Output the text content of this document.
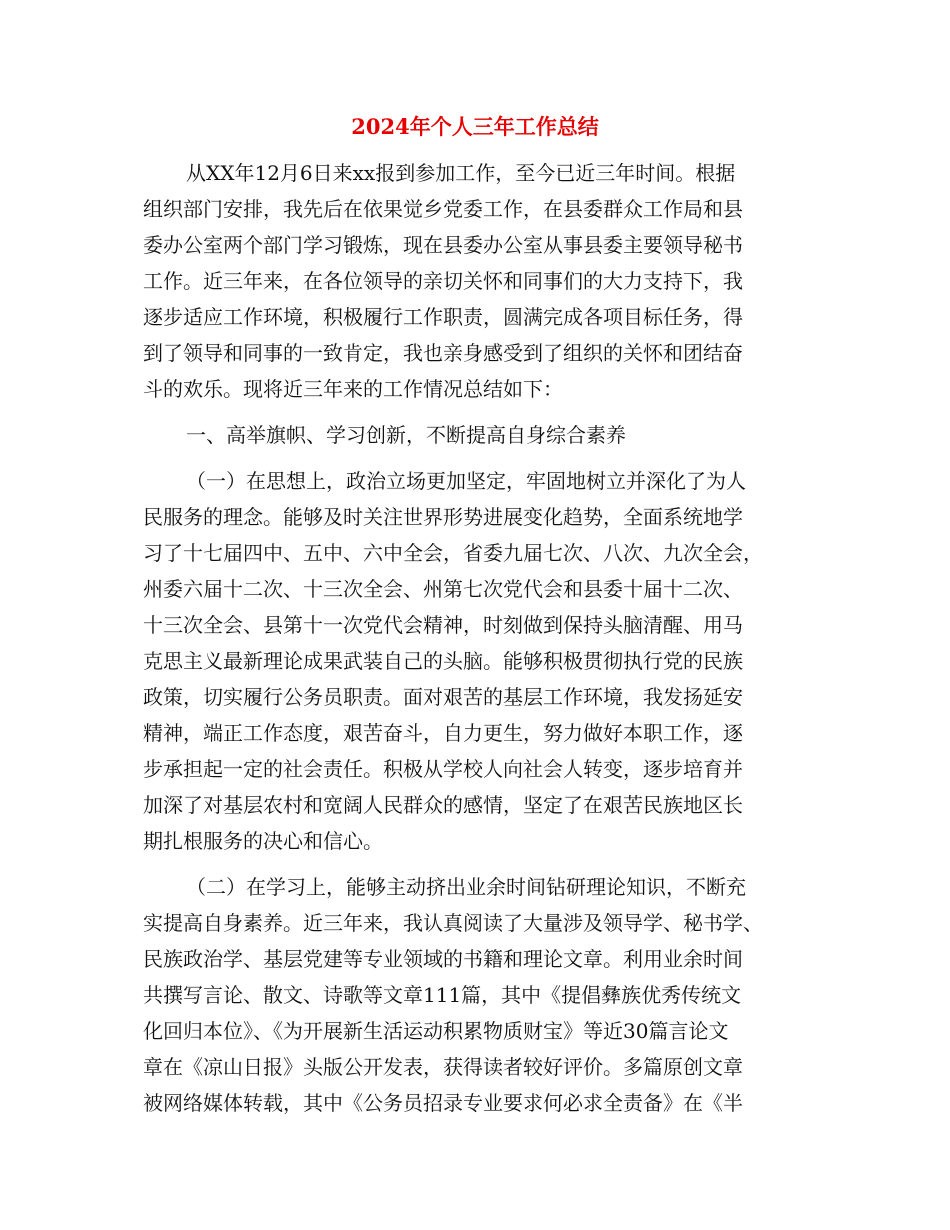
2024年个人三年工作总结

从XX年12月6日来xx报到参加工作，至今已近三年时间。根据

组织部门安排，我先后在依果觉乡党委工作，在县委群众工作局和县

委办公室两个部门学习锻炼，现在县委办公室从事县委主要领导秘书

工作。近三年来，在各位领导的亲切关怀和同事们的大力支持下，我

逐步适应工作环境，积极履行工作职责，圆满完成各项目标任务，得

到了领导和同事的一致肯定，我也亲身感受到了组织的关怀和团结奋

斗的欢乐。现将近三年来的工作情况总结如下：

一、高举旗帜、学习创新，不断提高自身综合素养

（一）在思想上，政治立场更加坚定，牢固地树立并深化了为人

民服务的理念。能够及时关注世界形势进展变化趋势，全面系统地学

习了十七届四中、五中、六中全会，省委九届七次、八次、九次全会，

州委六届十二次、十三次全会、州第七次党代会和县委十届十二次、

十三次全会、县第十一次党代会精神，时刻做到保持头脑清醒、用马

克思主义最新理论成果武装自己的头脑。能够积极贯彻执行党的民族

政策，切实履行公务员职责。面对艰苦的基层工作环境，我发扬延安

精神，端正工作态度，艰苦奋斗，自力更生，努力做好本职工作，逐

步承担起一定的社会责任。积极从学校人向社会人转变，逐步培育并

加深了对基层农村和宽阔人民群众的感情，坚定了在艰苦民族地区长

期扎根服务的决心和信心。

（二）在学习上，能够主动挤出业余时间钻研理论知识，不断充

实提高自身素养。近三年来，我认真阅读了大量涉及领导学、秘书学、

民族政治学、基层党建等专业领域的书籍和理论文章。利用业余时间

共撰写言论、散文、诗歌等文章111篇，其中《提倡彝族优秀传统文

化回归本位》、《为开展新生活运动积累物质财宝》等近30篇言论文

章在《凉山日报》头版公开发表，获得读者较好评价。多篇原创文章

被网络媒体转载，其中《公务员招录专业要求何必求全责备》在《半
